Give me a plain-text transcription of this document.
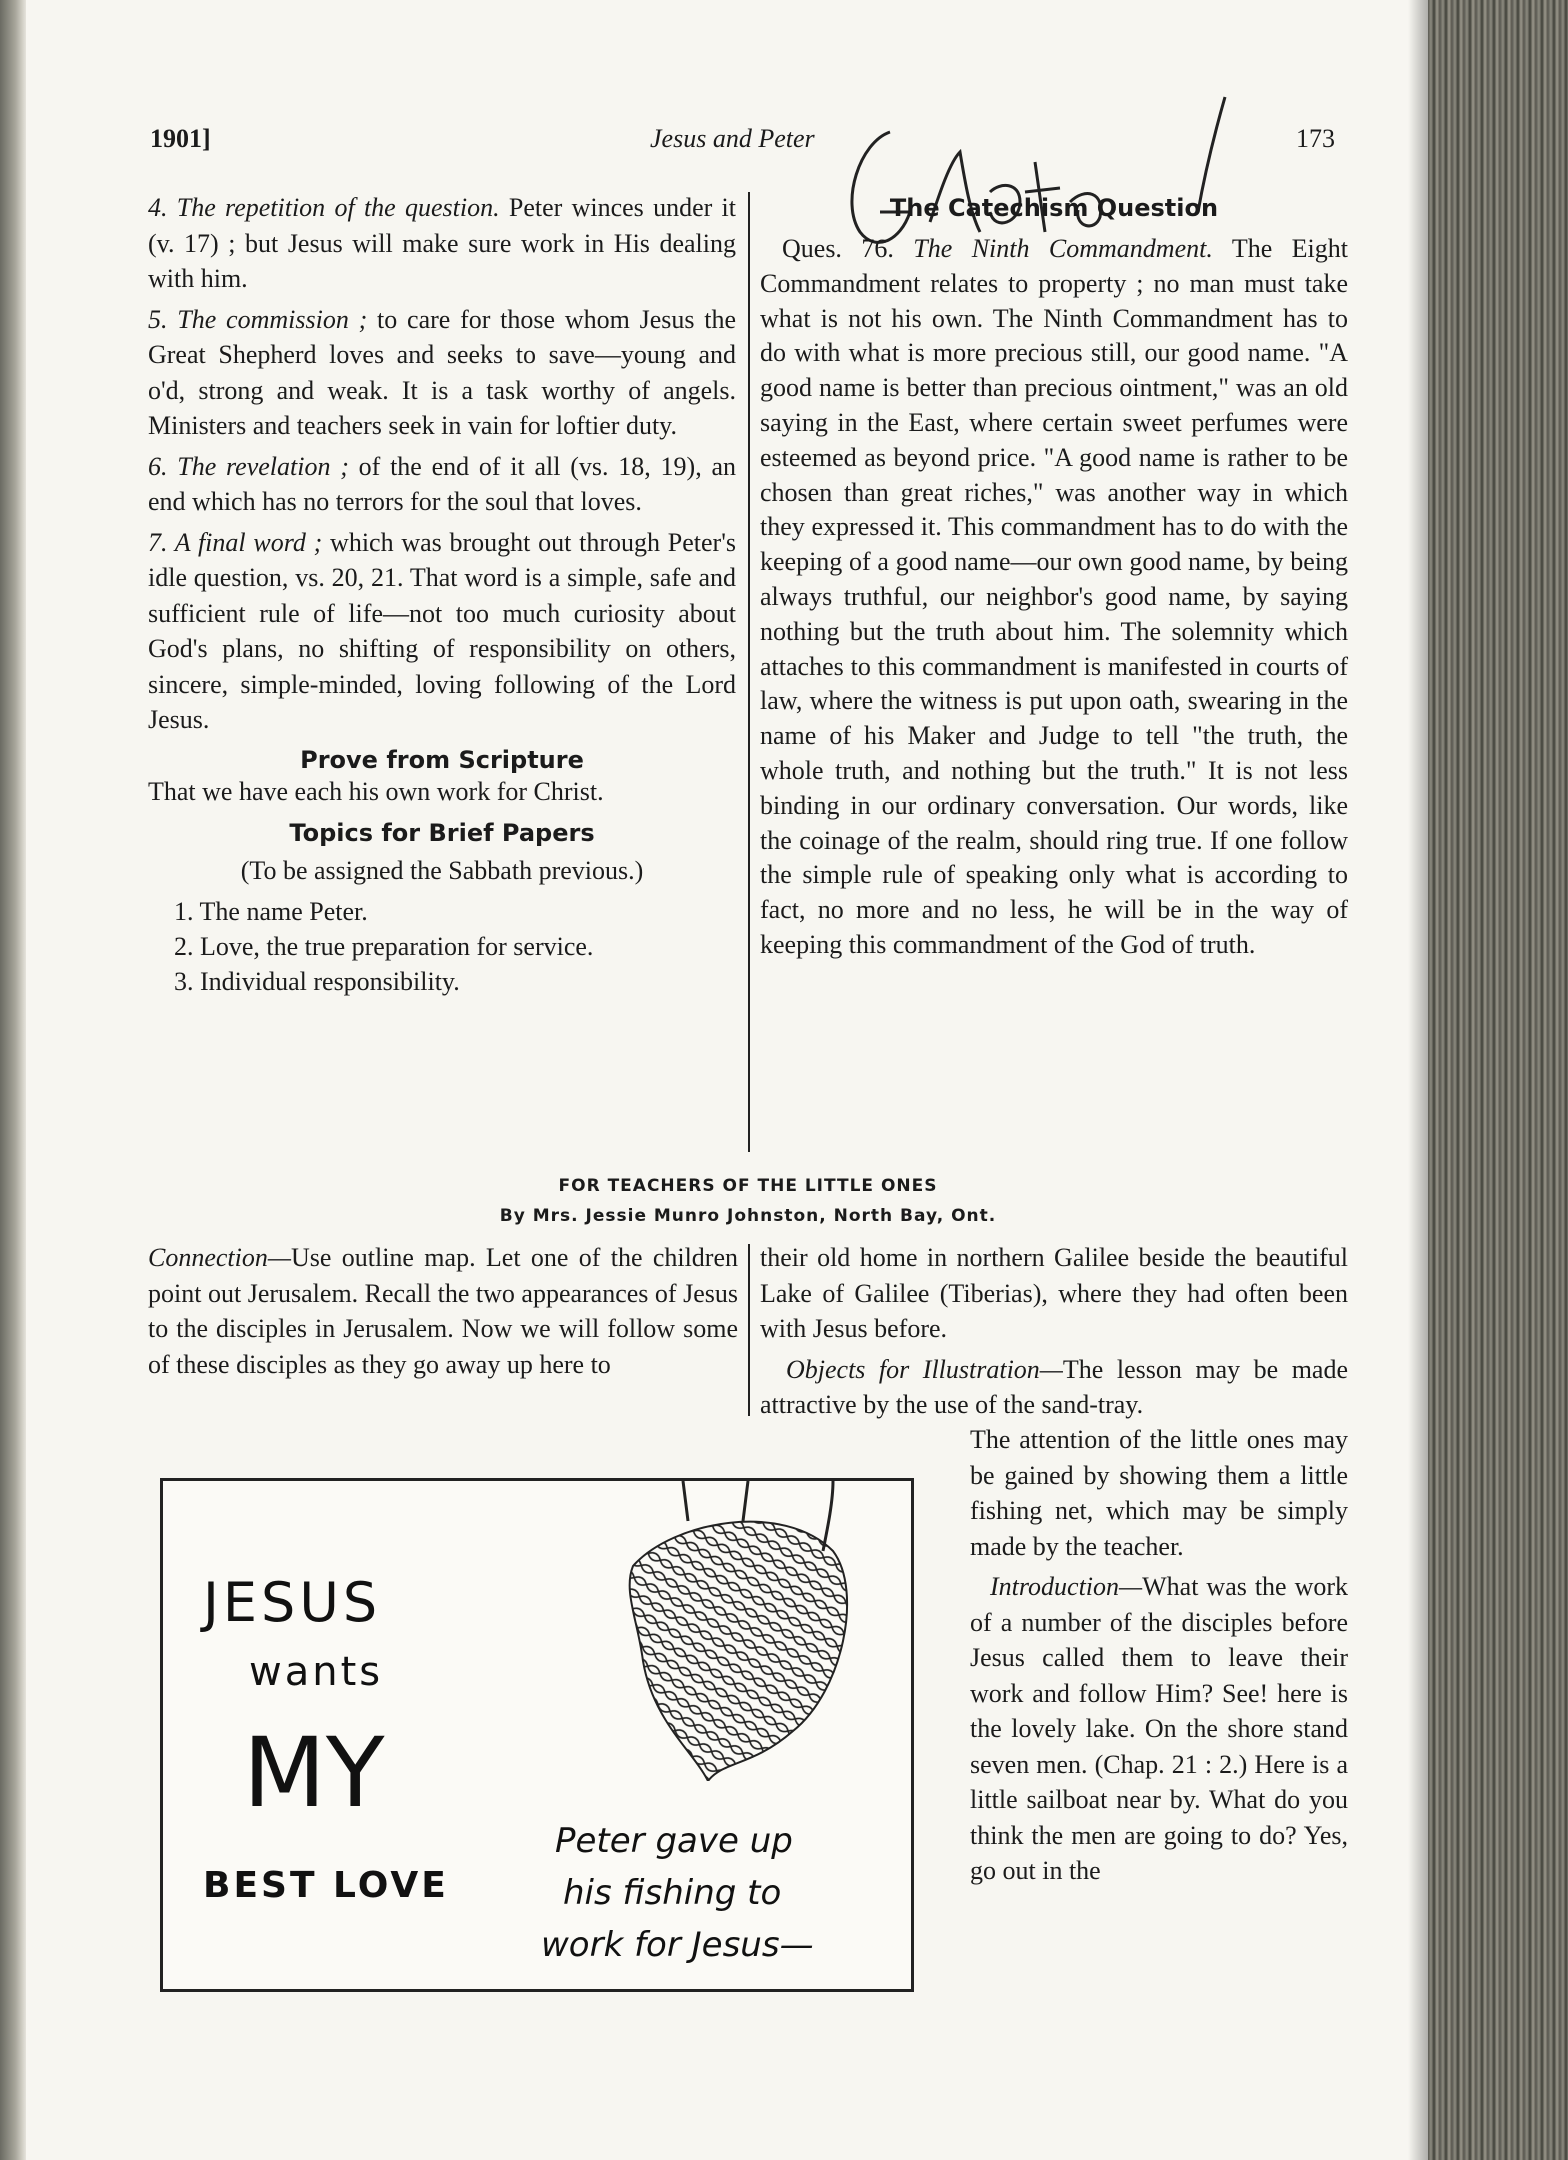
1901]	Jesus and Peter	173

4. The repetition of the question. Peter winces under it (v. 17) ; but Jesus will make sure work in His dealing with him.

5. The commission ; to care for those whom Jesus the Great Shepherd loves and seeks to save—young and o'd, strong and weak. It is a task worthy of angels. Ministers and teachers seek in vain for loftier duty.

6. The revelation ; of the end of it all (vs. 18, 19), an end which has no terrors for the soul that loves.

7. A final word ; which was brought out through Peter's idle question, vs. 20, 21. That word is a simple, safe and sufficient rule of life—not too much curiosity about God's plans, no shifting of responsibility on others, sincere, simple-minded, loving following of the Lord Jesus.

Prove from Scripture
That we have each his own work for Christ.
Topics for Brief Papers
(To be assigned the Sabbath previous.)
1. The name Peter.
2. Love, the true preparation for service.
3. Individual responsibility.
The Catechism Question

Ques. 76. The Ninth Commandment. The Eight Commandment relates to property ; no man must take what is not his own. The Ninth Commandment has to do with what is more precious still, our good name. "A good name is better than precious ointment," was an old saying in the East, where certain sweet perfumes were esteemed as beyond price. "A good name is rather to be chosen than great riches," was another way in which they expressed it. This commandment has to do with the keeping of a good name—our own good name, by being always truthful, our neighbor's good name, by saying nothing but the truth about him. The solemnity which attaches to this commandment is manifested in courts of law, where the witness is put upon oath, swearing in the name of his Maker and Judge to tell "the truth, the whole truth, and nothing but the truth." It is not less binding in our ordinary conversation. Our words, like the coinage of the realm, should ring true. If one follow the simple rule of speaking only what is according to fact, no more and no less, he will be in the way of keeping this commandment of the God of truth.

FOR TEACHERS OF THE LITTLE ONES
By Mrs. Jessie Munro Johnston, North Bay, Ont.

Connection—Use outline map. Let one of the children point out Jerusalem. Recall the two appearances of Jesus to the disciples in Jerusalem. Now we will follow some of these disciples as they go away up here to

their old home in northern Galilee beside the beautiful Lake of Galilee (Tiberias), where they had often been with Jesus before.

Objects for Illustration—The lesson may be made attractive by the use of the sand-tray.

The attention of the little ones may be gained by showing them a little fishing net, which may be simply made by the teacher.

Introduction—What was the work of a number of the disciples before Jesus called them to leave their work and follow Him? See! here is the lovely lake. On the shore stand seven men. (Chap. 21 : 2.) Here is a little sailboat near by. What do you think the men are going to do? Yes, go out in the

JESUS
wants
MY
BEST LOVE
Peter gave up
his fishing to
work for Jesus—
